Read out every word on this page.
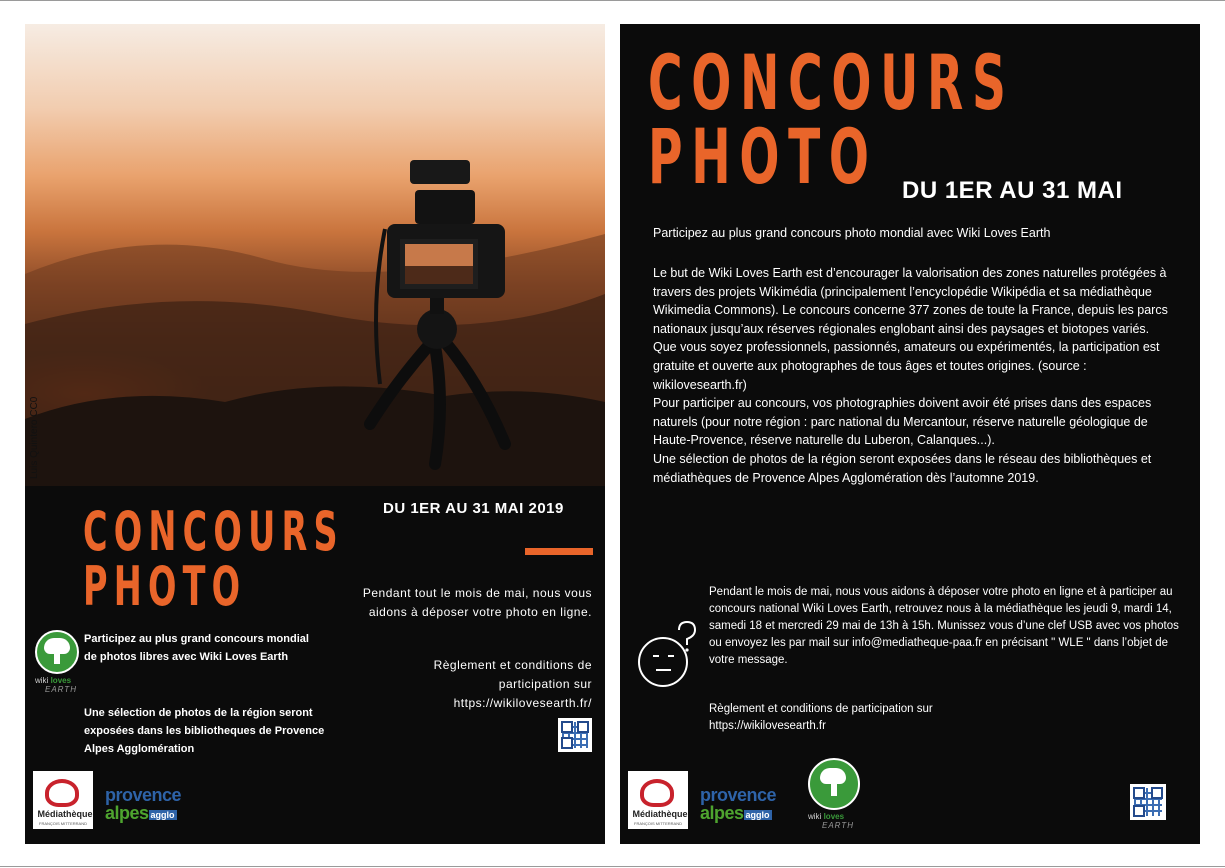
Luis Quintero CC0
CONCOURS
PHOTO
DU 1ER AU 31 MAI 2019
Pendant tout le mois de mai, nous vous aidons à déposer votre photo en ligne.
Règlement et conditions de participation sur https://wikilovesearth.fr/
wiki loves
EARTH
Participez au plus grand concours mondial de photos libres avec Wiki Loves Earth
Une sélection de photos de la région seront exposées dans les bibliotheques de Provence Alpes Agglomération
Médiathèque
FRANÇOIS MITTERRAND
provence
alpes agglo
CONCOURS
PHOTO	DU 1ER AU 31 MAI
Participez au plus grand concours photo mondial avec Wiki Loves Earth

Le but de Wiki Loves Earth est d’encourager la valorisation des zones naturelles protégées à travers des projets Wikimédia (principalement l’encyclopédie Wikipédia et sa médiathèque Wikimedia Commons). Le concours concerne 377 zones de toute la France, depuis les parcs nationaux jusqu’aux réserves régionales englobant ainsi des paysages et biotopes variés.

Que vous soyez professionnels, passionnés, amateurs ou expérimentés, la participation est gratuite et ouverte aux photographes de tous âges et toutes origines. (source : wikilovesearth.fr)

Pour participer au concours, vos photographies doivent avoir été prises dans des espaces naturels (pour notre région : parc national du Mercantour, réserve naturelle géologique de Haute-Provence, réserve naturelle du Luberon, Calanques...).

Une sélection de photos de la région seront exposées dans le réseau des bibliothèques et médiathèques de Provence Alpes Agglomération dès l’automne 2019.

Pendant le mois de mai, nous vous aidons à déposer votre photo en ligne et à participer au concours national Wiki Loves Earth, retrouvez nous à la médiathèque les jeudi 9, mardi 14, samedi 18 et mercredi 29 mai de 13h à 15h. Munissez vous d’une clef USB avec vos photos ou envoyez les par mail sur info@mediatheque-paa.fr en précisant " WLE " dans l’objet de votre message.

Règlement et conditions de participation sur

https://wikilovesearth.fr

Médiathèque
FRANÇOIS MITTERRAND
provence
alpes agglo	wiki loves
EARTH
